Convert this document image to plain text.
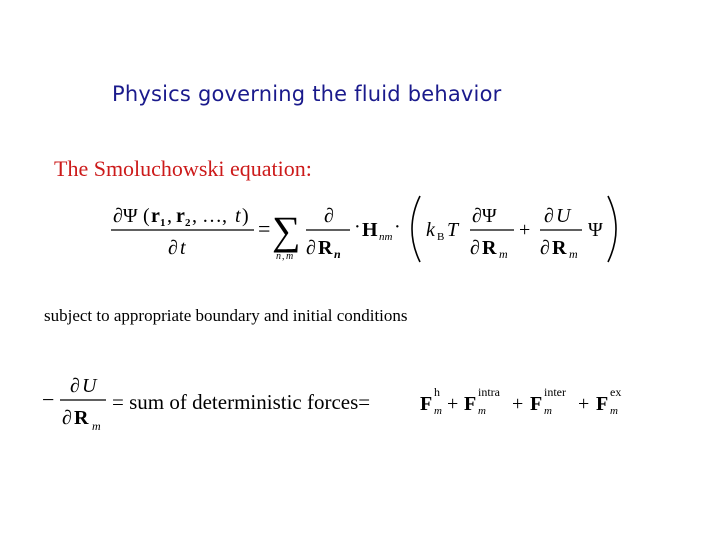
Physics governing the fluid behavior
The Smoluchowski equation:
∂Ψ ( r 1 , r 2 , …, t )
∂ t
= ∑
n , m
∂
∂ R n
· H nm · k B T
∂Ψ
∂ R m
+
∂ U
∂ R m
Ψ
subject to appropriate boundary and initial conditions
−
∂ U
∂ R m
F
h
m + F
intra
m + F
inter
m + F
ex
m
= sum of deterministic forces=
